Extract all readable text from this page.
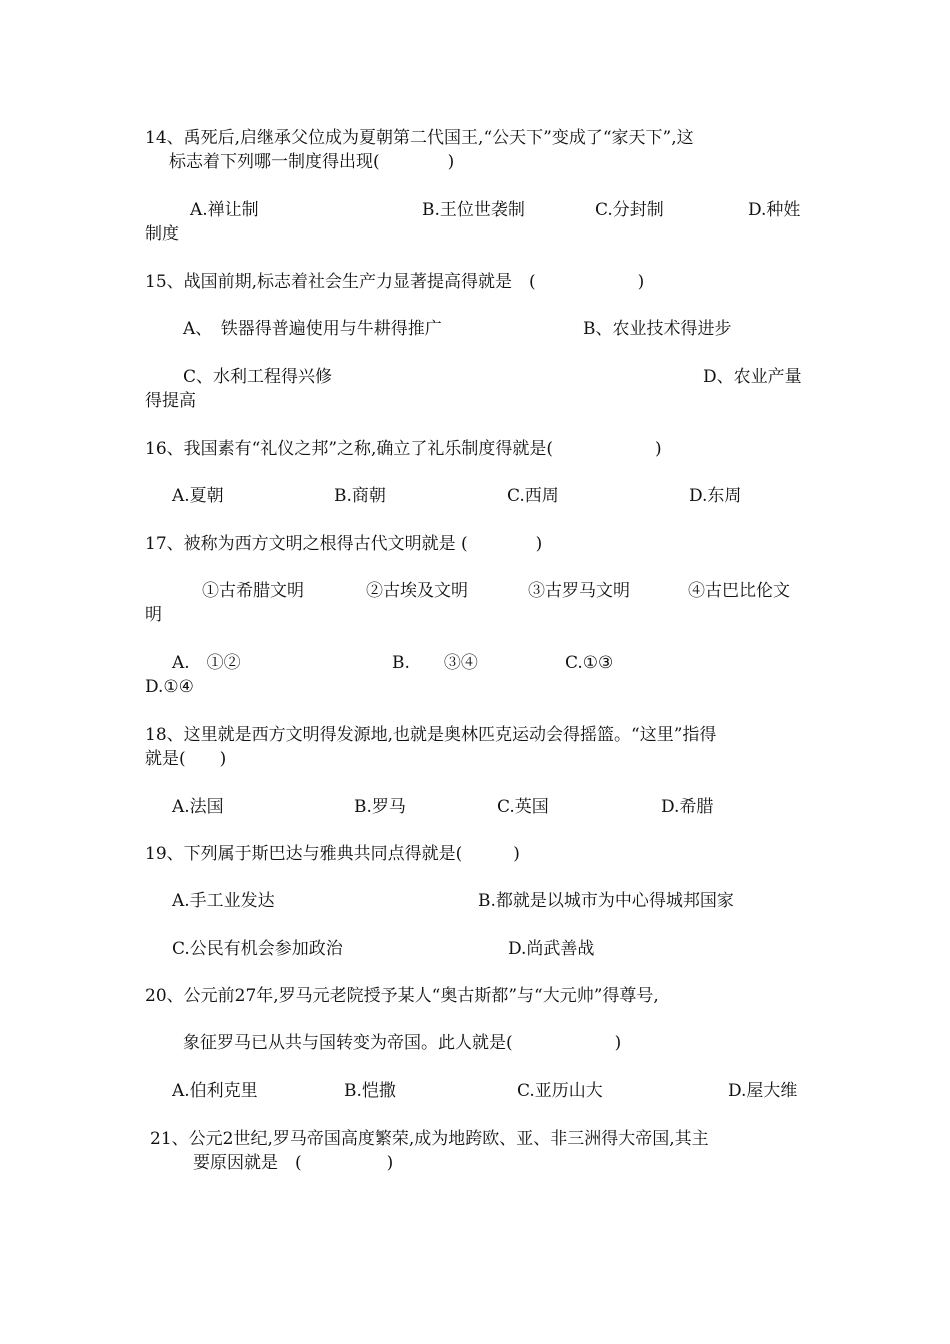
14、禹死后,启继承父位成为夏朝第二代国王,“公天下”变成了“家天下”,这
标志着下列哪一制度得出现(　　　　)
A.禅让制	B.王位世袭制	C.分封制	D.种姓
制度
15、战国前期,标志着社会生产力显著提高得就是　(　　　　　　)
A、　铁器得普遍使用与牛耕得推广	B、农业技术得进步
C、水利工程得兴修	D、农业产量
得提高
16、我国素有“礼仪之邦”之称,确立了礼乐制度得就是(　　　　　　)
A.夏朝	B.商朝	C.西周	D.东周
17、被称为西方文明之根得古代文明就是 (　　　　)
①古希腊文明	②古埃及文明	③古罗马文明	④古巴比伦文
明
A.　①②	B.　　③④	C.①③
D.①④
18、这里就是西方文明得发源地,也就是奥林匹克运动会得摇篮。“这里”指得
就是(　　)
A.法国	B.罗马	C.英国	D.希腊
19、下列属于斯巴达与雅典共同点得就是(　　　)
A.手工业发达	B.都就是以城市为中心得城邦国家
C.公民有机会参加政治	D.尚武善战
20、公元前27年,罗马元老院授予某人“奥古斯都”与“大元帅”得尊号,
象征罗马已从共与国转变为帝国。此人就是(　　　　　　)
A.伯利克里	B.恺撒	C.亚历山大	D.屋大维
21、公元2世纪,罗马帝国高度繁荣,成为地跨欧、亚、非三洲得大帝国,其主
要原因就是　(　　　　　)
